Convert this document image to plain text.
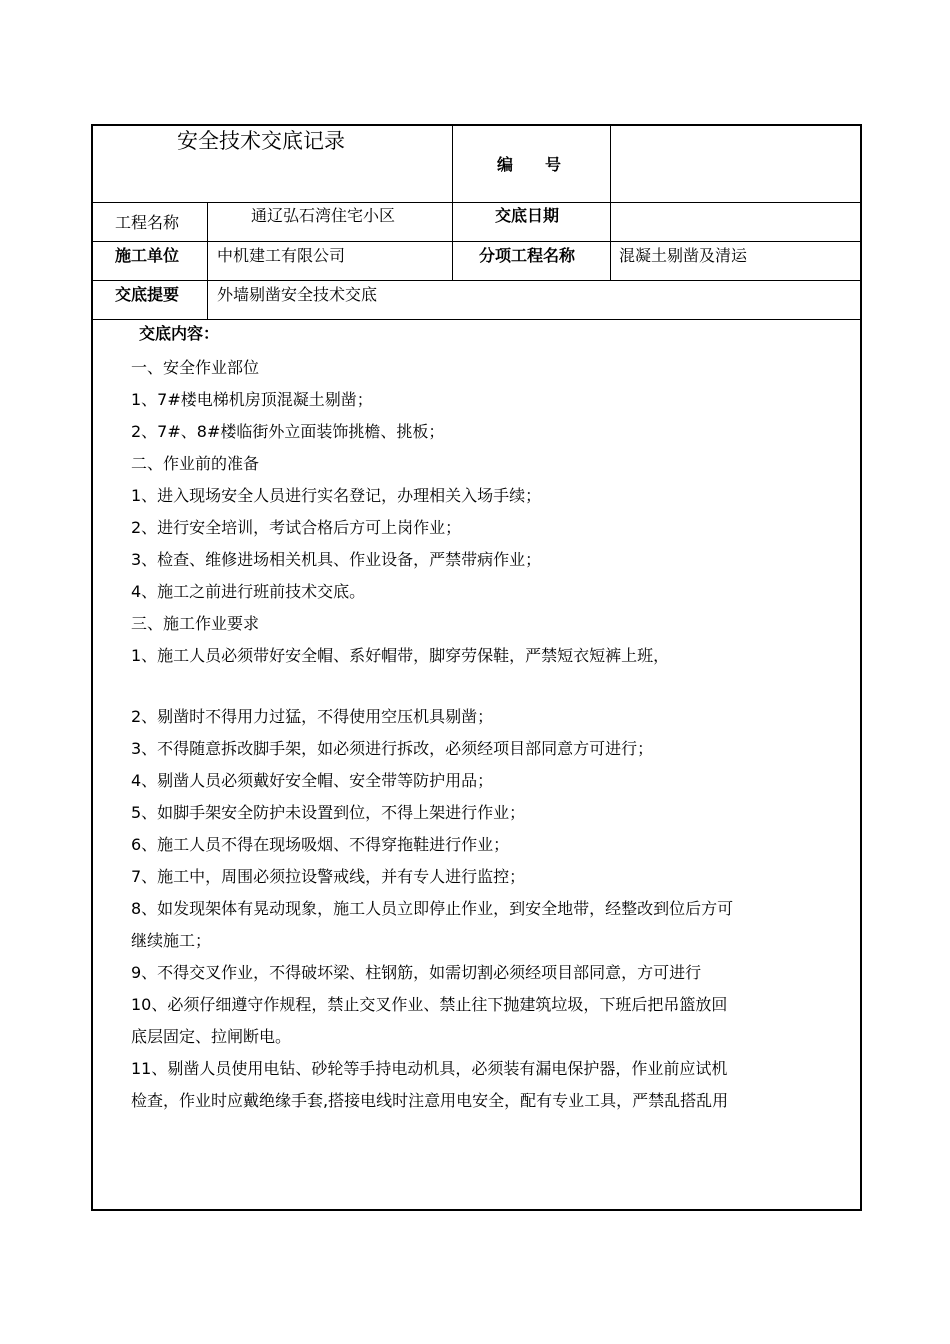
安全技术交底记录
编　　号
工程名称	通辽弘石湾住宅小区	交底日期
施工单位 中机建工有限公司	分项工程名称	混凝土剔凿及清运
交底提要 外墙剔凿安全技术交底
交底内容：
一、安全作业部位
1、7#楼电梯机房顶混凝土剔凿；
2、7#、8#楼临街外立面装饰挑檐、挑板；
二、作业前的准备
1、进入现场安全人员进行实名登记，办理相关入场手续；
2、进行安全培训，考试合格后方可上岗作业；
3、检查、维修进场相关机具、作业设备，严禁带病作业；
4、施工之前进行班前技术交底。
三、施工作业要求
1、施工人员必须带好安全帽、系好帽带，脚穿劳保鞋，严禁短衣短裤上班，
2、剔凿时不得用力过猛，不得使用空压机具剔凿；
3、不得随意拆改脚手架，如必须进行拆改，必须经项目部同意方可进行；
4、剔凿人员必须戴好安全帽、安全带等防护用品；
5、如脚手架安全防护未设置到位，不得上架进行作业；
6、施工人员不得在现场吸烟、不得穿拖鞋进行作业；
7、施工中，周围必须拉设警戒线，并有专人进行监控；
8、如发现架体有晃动现象，施工人员立即停止作业，到安全地带，经整改到位后方可
继续施工；
9、不得交叉作业，不得破坏梁、柱钢筋，如需切割必须经项目部同意，方可进行
10、必须仔细遵守作规程，禁止交叉作业、禁止往下抛建筑垃圾，下班后把吊篮放回
底层固定、拉闸断电。
11、剔凿人员使用电钻、砂轮等手持电动机具，必须装有漏电保护器，作业前应试机
检查，作业时应戴绝缘手套,搭接电线时注意用电安全，配有专业工具，严禁乱搭乱用
